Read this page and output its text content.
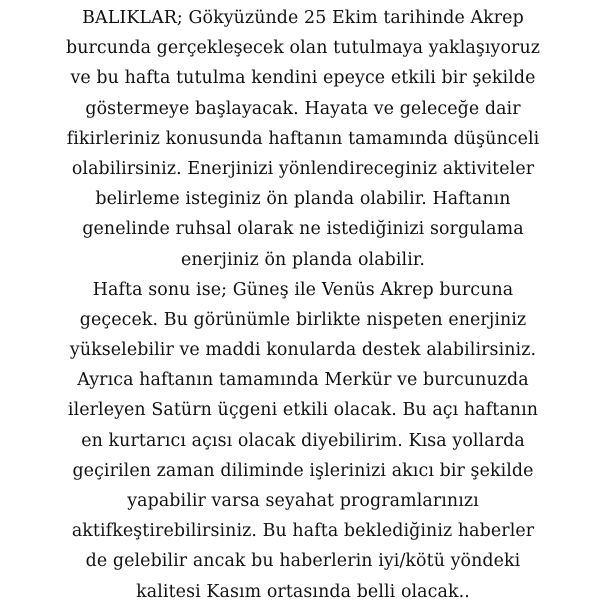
BALIKLAR; Gökyüzünde 25 Ekim tarihinde Akrep
burcunda gerçekleşecek olan tutulmaya yaklaşıyoruz
ve bu hafta tutulma kendini epeyce etkili bir şekilde
göstermeye başlayacak. Hayata ve geleceğe dair
fikirleriniz konusunda haftanın tamamında düşünceli
olabilirsiniz. Enerjinizi yönlendireceginiz aktiviteler
belirleme isteginiz ön planda olabilir. Haftanın
genelinde ruhsal olarak ne istediğinizi sorgulama
enerjiniz ön planda olabilir.
Hafta sonu ise; Güneş ile Venüs Akrep burcuna
geçecek. Bu görünümle birlikte nispeten enerjiniz
yükselebilir ve maddi konularda destek alabilirsiniz.
Ayrıca haftanın tamamında Merkür ve burcunuzda
ilerleyen Satürn üçgeni etkili olacak. Bu açı haftanın
en kurtarıcı açısı olacak diyebilirim. Kısa yollarda
geçirilen zaman diliminde işlerinizi akıcı bir şekilde
yapabilir varsa seyahat programlarınızı
aktifkeştirebilirsiniz. Bu hafta beklediğiniz haberler
de gelebilir ancak bu haberlerin iyi/kötü yöndeki
kalitesi Kasım ortasında belli olacak..
